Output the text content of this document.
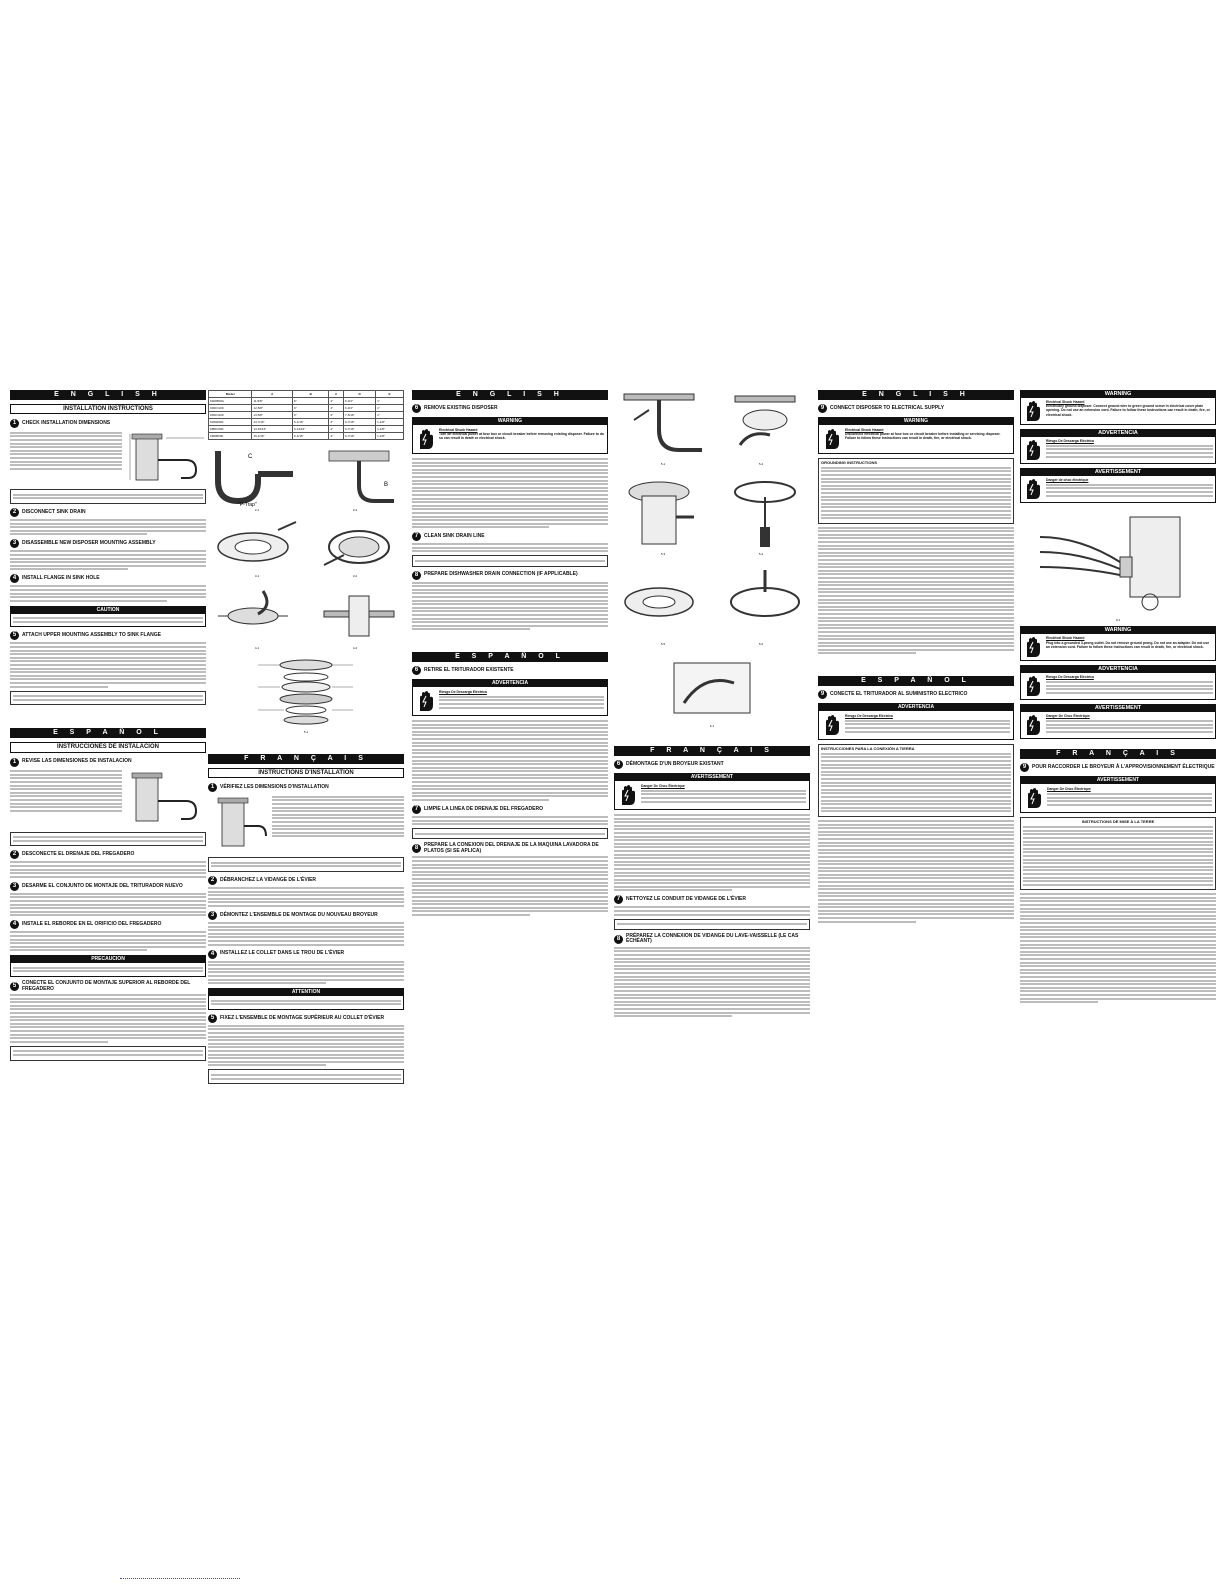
E N G L I S H
INSTALLATION INSTRUCTIONS
1	CHECK INSTALLATION DIMENSIONS
2	DISCONNECT SINK DRAIN
3	DISASSEMBLE NEW DISPOSER MOUNTING ASSEMBLY
4	INSTALL FLANGE IN SINK HOLE
CAUTION
5	ATTACH UPPER MOUNTING ASSEMBLY TO SINK FLANGE
E S P A Ñ O L
INSTRUCCIONES DE INSTALACION
1	REVISE LAS DIMENSIONES DE INSTALACION
2	DESCONECTE EL DRENAJE DEL FREGADERO
3	DESARME EL CONJUNTO DE MONTAJE DEL TRITURADOR NUEVO
4	INSTALE EL REBORDE EN EL ORIFICIO DEL FREGADERO
PRECAUCION
5	CONECTE EL CONJUNTO DE MONTAJE SUPERIOR AL REBORDE DEL FREGADERO
Model	A	B	C	D	E
KDDB50G	11-5/8"	6"	4"	6-3/4"	1"
KDDC10K	12-5/8"	6"	4"	6-3/4"	1"
KDDC20K	13-5/8"	6"	4"	7-5/16"	1"
KDDE50K	13-7/16"	6-1/16"	4"	6-7/16"	1-1/8"
KBDC60K	13-15/16"	6-13/16"	4"	6-7/16"	1-1/8"
KBDB50K	15-1/16"	6-1/16"	4"	6-7/16"	1-1/8"
C
"P-Trap"
B
2-1	2-2
3-1	3-2
4-1	4-2
5-1
F R A N Ç A I S
INSTRUCTIONS D'INSTALLATION
1	VÉRIFIEZ LES DIMENSIONS D'INSTALLATION
2	DÉBRANCHEZ LA VIDANGE DE L'ÉVIER
3	DÉMONTEZ L'ENSEMBLE DE MONTAGE DU NOUVEAU BROYEUR
4	INSTALLEZ LE COLLET DANS LE TROU DE L'ÉVIER
ATTENTION
5	FIXEZ L'ENSEMBLE DE MONTAGE SUPÉRIEUR AU COLLET D'ÉVIER
E N G L I S H
6	REMOVE EXISTING DISPOSER
WARNING
Electrical Shock Hazard
Turn off electrical power at fuse box or circuit breaker before removing existing disposer. Failure to do so can result in death or electrical shock.
7	CLEAN SINK DRAIN LINE
8	PREPARE DISHWASHER DRAIN CONNECTION (IF APPLICABLE)
E S P A Ñ O L
6	RETIRE EL TRITURADOR EXISTENTE
ADVERTENCIA
Riesgo De Descarga Eléctrica
7	LIMPIE LA LINEA DE DRENAJE DEL FREGADERO
8	PREPARE LA CONEXION DEL DRENAJE DE LA MAQUINA LAVADORA DE PLATOS (SI SE APLICA)
5-1	5-2
5-3	5-4
5-5	5-6
6-1
F R A N Ç A I S
6	DÉMONTAGE D'UN BROYEUR EXISTANT
AVERTISSEMENT
Danger De Choc Électrique
7	NETTOYEZ LE CONDUIT DE VIDANGE DE L'ÉVIER
8	PRÉPAREZ LA CONNEXION DE VIDANGE DU LAVE-VAISSELLE (LE CAS ÉCHÉANT)
E N G L I S H
9	CONNECT DISPOSER TO ELECTRICAL SUPPLY
WARNING
Electrical Shock Hazard
Disconnect electrical power at fuse box or circuit breaker before installing or servicing disposer. Failure to follow these instructions can result in death, fire, or electrical shock.
GROUNDING INSTRUCTIONS
E S P A Ñ O L
9	CONECTE EL TRITURADOR AL SUMINISTRO ELECTRICO
ADVERTENCIA
Riesgo De Descarga Eléctrica
INSTRUCCIONES PARA LA CONEXIÓN A TIERRA
WARNING
Electrical Shock Hazard
Electrically ground disposer. Connect ground wire to green ground screw in electrical cover plate opening. Do not use an extension cord. Failure to follow these instructions can result in death, fire, or electrical shock.
ADVERTENCIA
Riesgo De Descarga Eléctrica
AVERTISSEMENT
Danger de choc électrique
9-1
WARNING
Electrical Shock Hazard
Plug into a grounded 3-prong outlet. Do not remove ground prong. Do not use an adapter. Do not use an extension cord. Failure to follow these instructions can result in death, fire, or electrical shock.
ADVERTENCIA
Riesgo De Descarga Eléctrica
AVERTISSEMENT
Danger De Choc Électrique
F R A N Ç A I S
9	POUR RACCORDER LE BROYEUR À L'APPROVISIONNEMENT ÉLECTRIQUE
AVERTISSEMENT
Danger De Choc Électrique
INSTRUCTIONS DE MISE À LA TERRE
